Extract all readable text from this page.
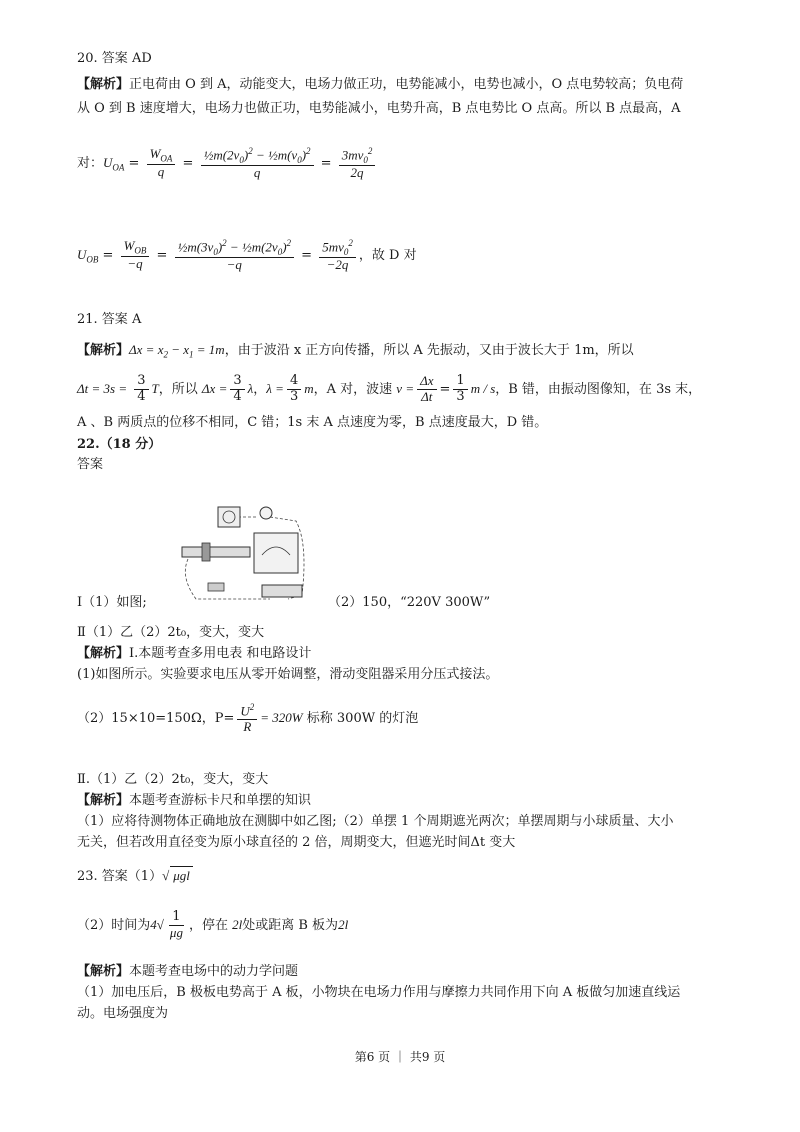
20. 答案 AD
【解析】正电荷由 O 到 A，动能变大，电场力做正功，电势能减小，电势也减小，O 点电势较高；负电荷
从 O 到 B 速度增大，电场力也做正功，电势能减小，电势升高，B 点电势比 O 点高。所以 B 点最高，A
对：$U_{OA} = \frac{W_{OA}}{q} = \frac{\frac{1}{2}m(2v_0)^2 - \frac{1}{2}m(v_0)^2}{q} = \frac{3mv_0^2}{2q}$
$U_{OB} = \frac{W_{OB}}{-q} = \frac{\frac{1}{2}m(3v_0)^2 - \frac{1}{2}m(2v_0)^2}{-q} = \frac{5mv_0^2}{-2q}$ ，故 D 对
21. 答案 A
【解析】$\Delta x = x_2 - x_1 = 1m$，由于波沿 x 正方向传播，所以 A 先振动，又由于波长大于 1m，所以
$\Delta t = 3s = \frac{3}{4}$ T，所以 $\Delta x = \frac{3}{4}$ λ，$\lambda = \frac{4}{3}$ m，A 对，波速 $v = \frac{\Delta x}{\Delta t} = \frac{1}{3}$ m / s，B 错，由振动图像知，在 3s 末，
A 、B 两质点的位移不相同，C 错；1s 末 A 点速度为零，B 点速度最大，D 错。
22.（18 分）
答案
Ⅰ（1）如图;	（2）150，“220V 300W”
Ⅱ（1）乙（2）2t₀，变大，变大
【解析】Ⅰ.本题考查多用电表 和电路设计
(1)如图所示。实验要求电压从零开始调整，滑动变阻器采用分压式接法。
（2）15×10=150Ω，$P= \frac{U^2}{R} = 320W$ 标称 300W 的灯泡
Ⅱ.（1）乙（2）2t₀，变大，变大
【解析】本题考查游标卡尺和单摆的知识
（1）应将待测物体正确地放在测脚中如乙图;（2）单摆 1 个周期遮光两次；单摆周期与小球质量、大小
无关，但若改用直径变为原小球直径的 2 倍，周期变大，但遮光时间Δt 变大
23. 答案（1）√ μgl
（2）时间为$4√ \frac{1}{\mu g}$ ，停在 2l处或距离 B 板为2l
【解析】本题考查电场中的动力学问题
（1）加电压后，B 极板电势高于 A 板，小物块在电场力作用与摩擦力共同作用下向 A 板做匀加速直线运
动。电场强度为
第6 页 ｜ 共9 页
